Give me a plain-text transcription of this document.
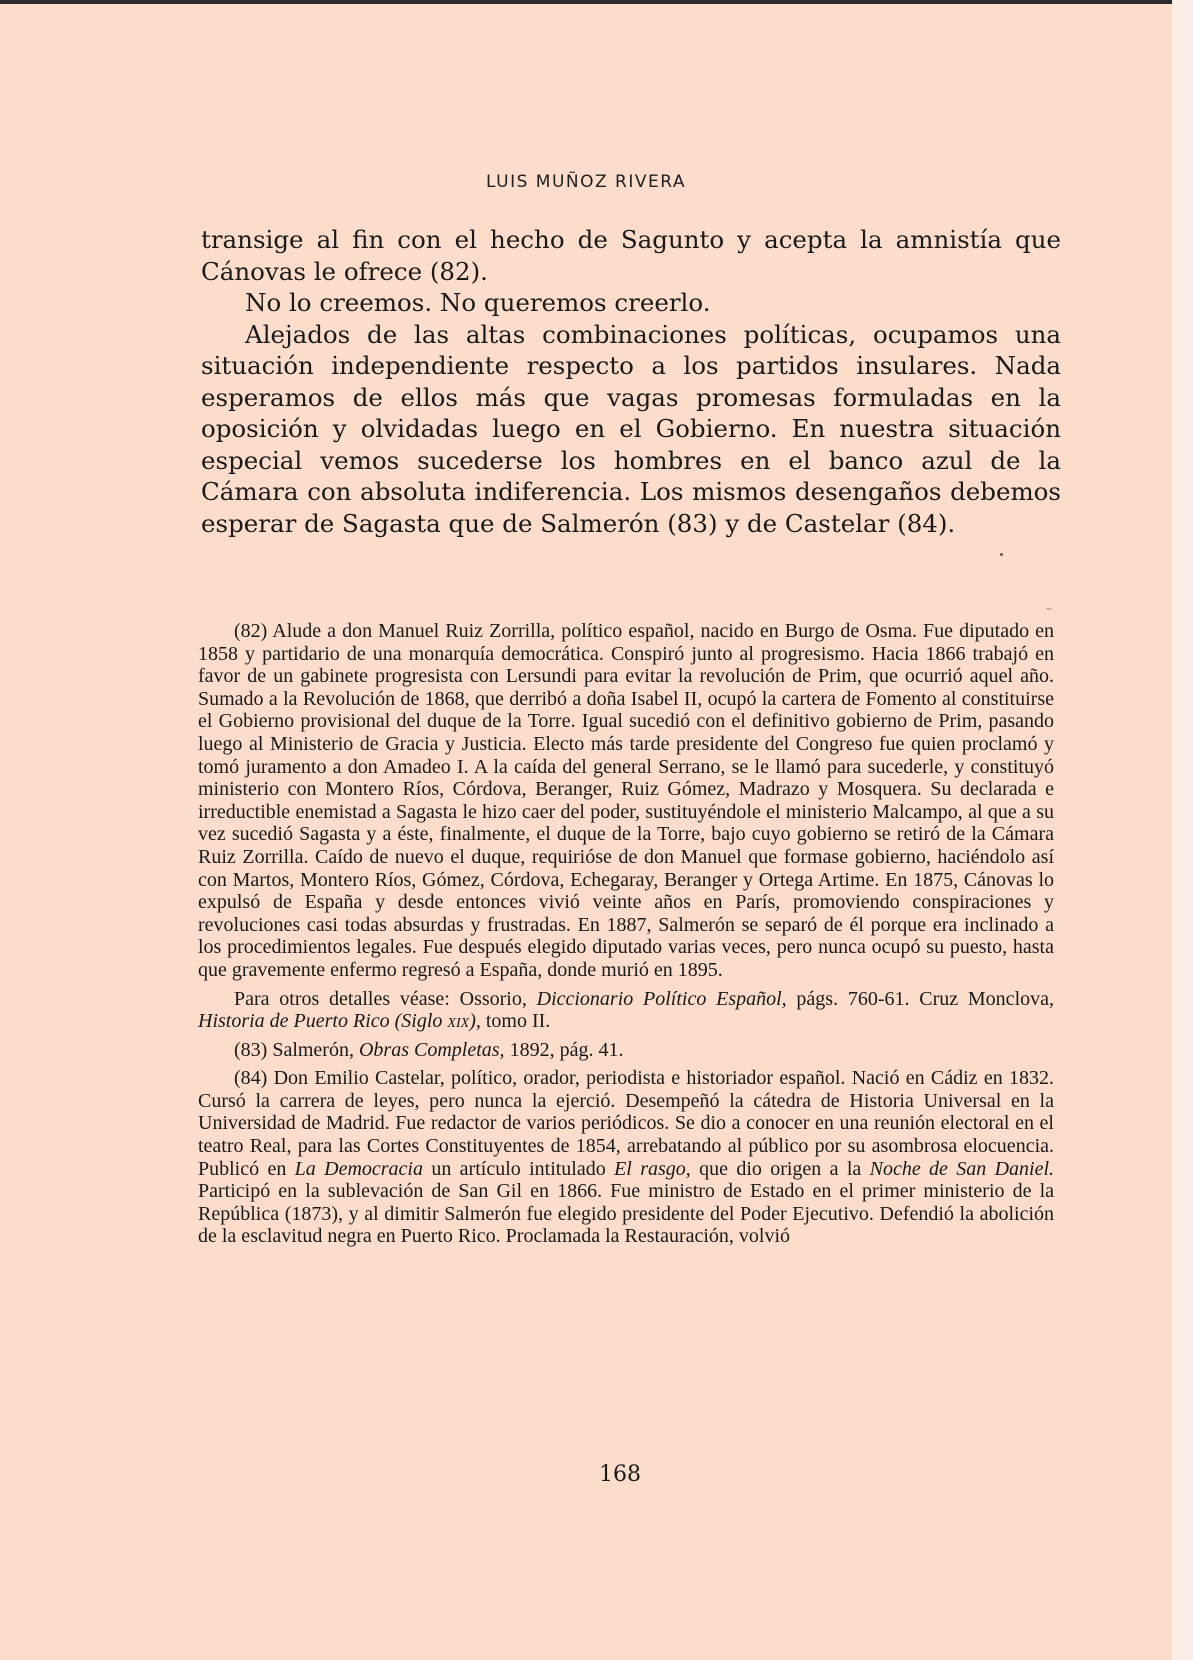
LUIS MUÑOZ RIVERA

transige al fin con el hecho de Sagunto y acepta la amnistía que Cánovas le ofrece (82).

No lo creemos. No queremos creerlo.

Alejados de las altas combinaciones políticas, ocupamos una situación independiente respecto a los partidos insulares. Nada esperamos de ellos más que vagas promesas formuladas en la oposición y olvidadas luego en el Gobierno. En nuestra situación especial vemos sucederse los hombres en el banco azul de la Cámara con absoluta indiferencia. Los mismos desengaños debemos esperar de Sagasta que de Salmerón (83) y de Castelar (84).

(82) Alude a don Manuel Ruiz Zorrilla, político español, nacido en Burgo de Osma. Fue diputado en 1858 y partidario de una monarquía democrática. Conspiró junto al progresismo. Hacia 1866 trabajó en favor de un gabinete progresista con Lersundi para evitar la revolución de Prim, que ocurrió aquel año. Sumado a la Revolución de 1868, que derribó a doña Isabel II, ocupó la cartera de Fomento al constituirse el Gobierno provisional del duque de la Torre. Igual sucedió con el definitivo gobierno de Prim, pasando luego al Ministerio de Gracia y Justicia. Electo más tarde presidente del Congreso fue quien proclamó y tomó juramento a don Amadeo I. A la caída del general Serrano, se le llamó para sucederle, y constituyó ministerio con Montero Ríos, Córdova, Beranger, Ruiz Gómez, Madrazo y Mosquera. Su declarada e irreductible enemistad a Sagasta le hizo caer del poder, sustituyéndole el ministerio Malcampo, al que a su vez sucedió Sagasta y a éste, finalmente, el duque de la Torre, bajo cuyo gobierno se retiró de la Cámara Ruiz Zorrilla. Caído de nuevo el duque, requirióse de don Manuel que formase gobierno, haciéndolo así con Martos, Montero Ríos, Gómez, Córdova, Echegaray, Beranger y Ortega Artime. En 1875, Cánovas lo expulsó de España y desde entonces vivió veinte años en París, promoviendo conspiraciones y revoluciones casi todas absurdas y frustradas. En 1887, Salmerón se separó de él porque era inclinado a los procedimientos legales. Fue después elegido diputado varias veces, pero nunca ocupó su puesto, hasta que gravemente enfermo regresó a España, donde murió en 1895.

Para otros detalles véase: Ossorio, Diccionario Político Español, págs. 760-61. Cruz Monclova, Historia de Puerto Rico (Siglo xix), tomo II.

(83) Salmerón, Obras Completas, 1892, pág. 41.

(84) Don Emilio Castelar, político, orador, periodista e historiador español. Nació en Cádiz en 1832. Cursó la carrera de leyes, pero nunca la ejerció. Desempeñó la cátedra de Historia Universal en la Universidad de Madrid. Fue redactor de varios periódicos. Se dio a conocer en una reunión electoral en el teatro Real, para las Cortes Constituyentes de 1854, arrebatando al público por su asombrosa elocuencia. Publicó en La Democracia un artículo intitulado El rasgo, que dio origen a la Noche de San Daniel. Participó en la sublevación de San Gil en 1866. Fue ministro de Estado en el primer ministerio de la República (1873), y al dimitir Salmerón fue elegido presidente del Poder Ejecutivo. Defendió la abolición de la esclavitud negra en Puerto Rico. Proclamada la Restauración, volvió

168
